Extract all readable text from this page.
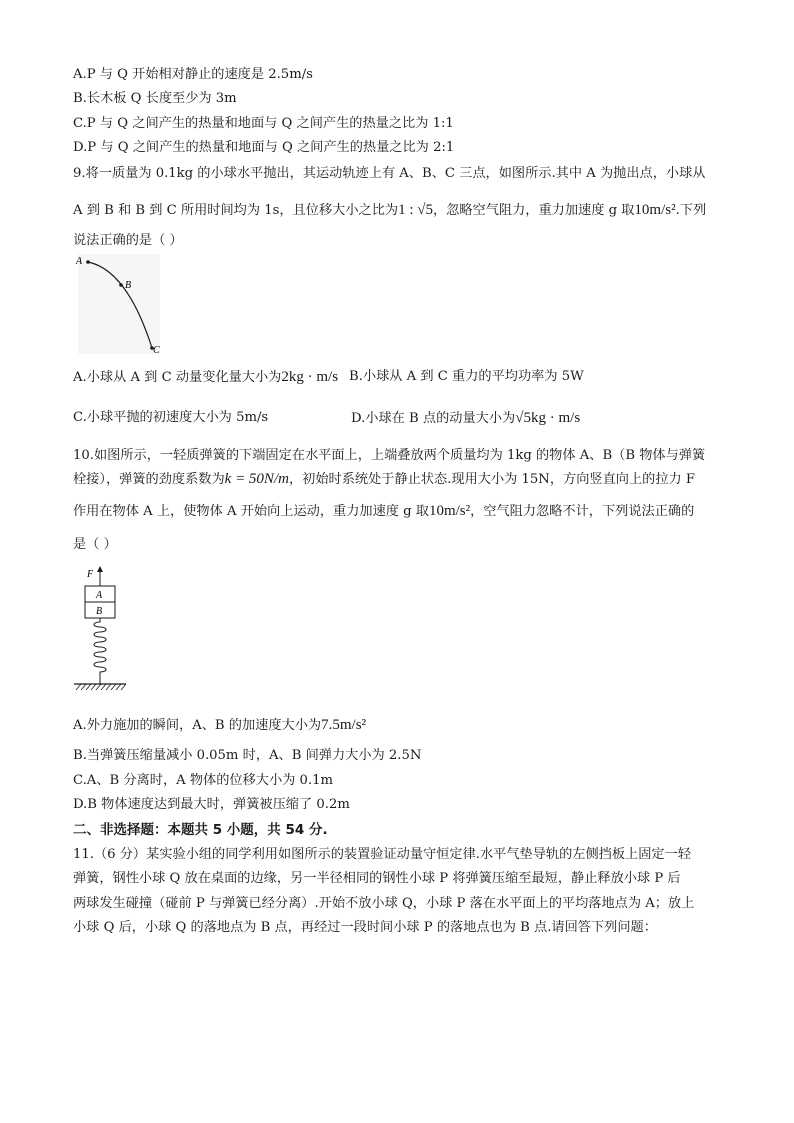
A.P 与 Q 开始相对静止的速度是 2.5m/s
B.长木板 Q 长度至少为 3m
C.P 与 Q 之间产生的热量和地面与 Q 之间产生的热量之比为 1:1
D.P 与 Q 之间产生的热量和地面与 Q 之间产生的热量之比为 2:1
9.将一质量为 0.1kg 的小球水平抛出，其运动轨迹上有 A、B、C 三点，如图所示.其中 A 为抛出点，小球从
A 到 B 和 B 到 C 所用时间均为 1s，且位移大小之比为1 : √5，忽略空气阻力，重力加速度 g 取10m/s².下列
说法正确的是（ ）
A
B
C
A.小球从 A 到 C 动量变化量大小为2kg · m/s B.小球从 A 到 C 重力的平均功率为 5W
C.小球平抛的初速度大小为 5m/s	D.小球在 B 点的动量大小为√5kg · m/s
10.如图所示，一轻质弹簧的下端固定在水平面上，上端叠放两个质量均为 1kg 的物体 A、B（B 物体与弹簧
栓接），弹簧的劲度系数为k = 50N/m，初始时系统处于静止状态.现用大小为 15N，方向竖直向上的拉力 F
作用在物体 A 上，使物体 A 开始向上运动，重力加速度 g 取10m/s²，空气阻力忽略不计，下列说法正确的
是（ ）
F
A
B
A.外力施加的瞬间，A、B 的加速度大小为7.5m/s²
B.当弹簧压缩量减小 0.05m 时，A、B 间弹力大小为 2.5N
C.A、B 分离时，A 物体的位移大小为 0.1m
D.B 物体速度达到最大时，弹簧被压缩了 0.2m
二、非选择题：本题共 5 小题，共 54 分.
11.（6 分）某实验小组的同学利用如图所示的装置验证动量守恒定律.水平气垫导轨的左侧挡板上固定一轻
弹簧，钢性小球 Q 放在桌面的边缘，另一半径相同的钢性小球 P 将弹簧压缩至最短，静止释放小球 P 后
两球发生碰撞（碰前 P 与弹簧已经分离）.开始不放小球 Q，小球 P 落在水平面上的平均落地点为 A；放上
小球 Q 后，小球 Q 的落地点为 B 点，再经过一段时间小球 P 的落地点也为 B 点.请回答下列问题：
